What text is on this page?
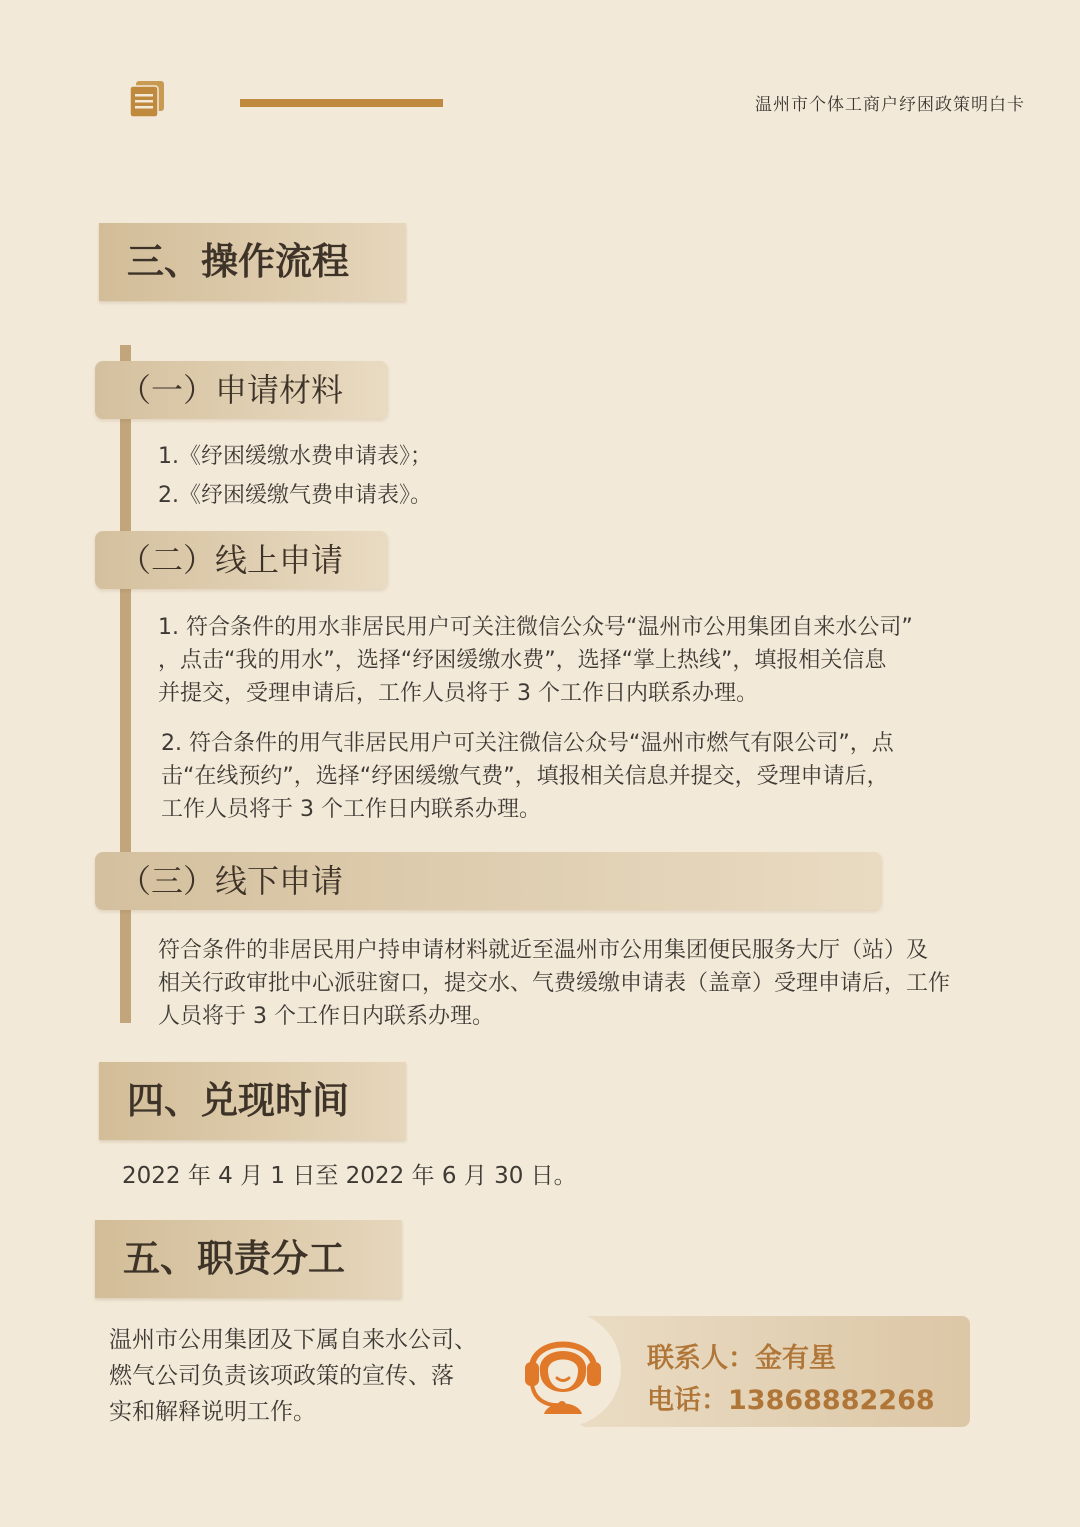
温州市个体工商户纾困政策明白卡
三、操作流程
（一）申请材料
1.《纾困缓缴水费申请表》；
2.《纾困缓缴气费申请表》。
（二）线上申请
1. 符合条件的用水非居民用户可关注微信公众号“温州市公用集团自来水公司”
，点击“我的用水”，选择“纾困缓缴水费”，选择“掌上热线”，填报相关信息
并提交，受理申请后，工作人员将于 3 个工作日内联系办理。
2. 符合条件的用气非居民用户可关注微信公众号“温州市燃气有限公司”，点
击“在线预约”，选择“纾困缓缴气费”，填报相关信息并提交，受理申请后，
工作人员将于 3 个工作日内联系办理。
（三）线下申请
符合条件的非居民用户持申请材料就近至温州市公用集团便民服务大厅（站）及
相关行政审批中心派驻窗口，提交水、气费缓缴申请表（盖章）受理申请后，工作
人员将于 3 个工作日内联系办理。
四、兑现时间
2022 年 4 月 1 日至 2022 年 6 月 30 日。
五、职责分工
温州市公用集团及下属自来水公司、
燃气公司负责该项政策的宣传、落
实和解释说明工作。
联系人：金有星
电话：13868882268
